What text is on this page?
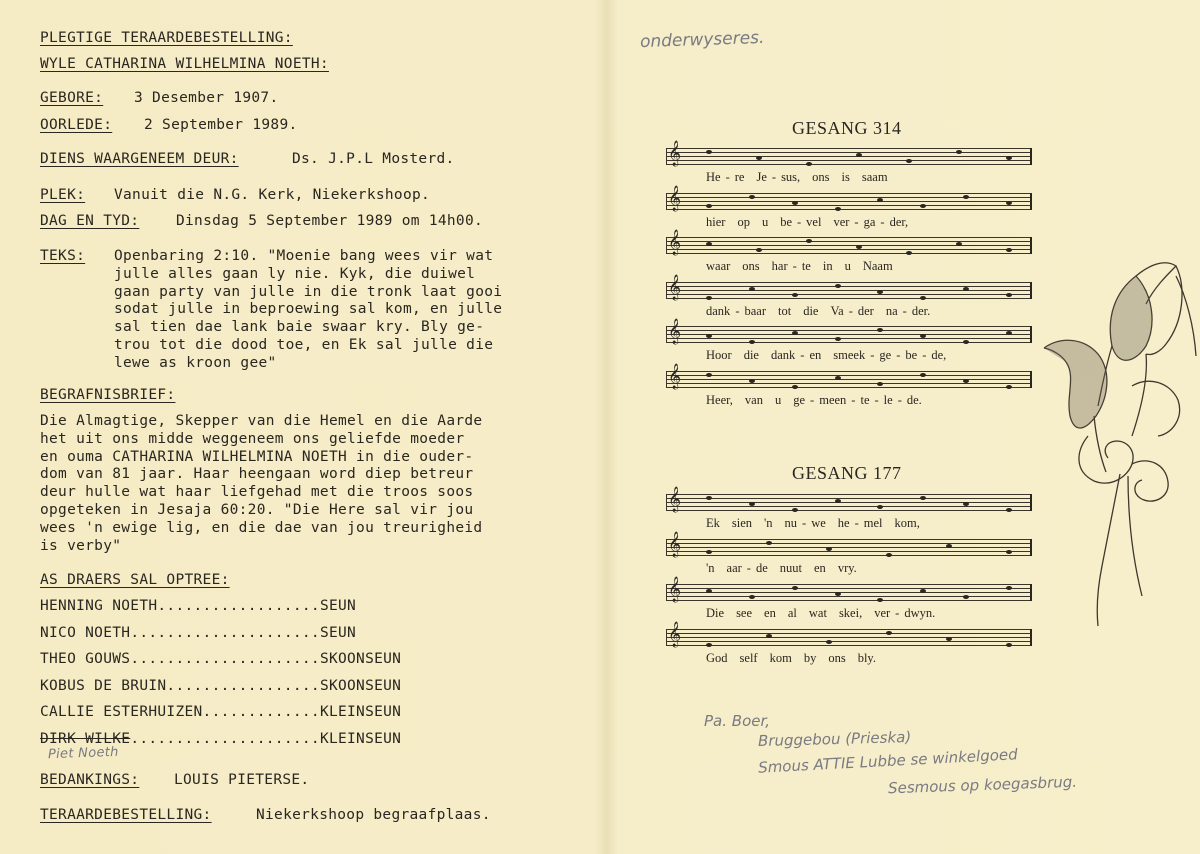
PLEGTIGE TERAARDEBESTELLING:
WYLE CATHARINA WILHELMINA NOETH:
GEBORE: 3 Desember 1907.
OORLEDE: 2 September 1989.
DIENS WAARGENEEM DEUR:	Ds. J.P.L Mosterd.
PLEK: Vanuit die N.G. Kerk, Niekerkshoop.
DAG EN TYD:	Dinsdag 5 September 1989 om 14h00.
TEKS: Openbaring 2:10. "Moenie bang wees vir wat
julle alles gaan ly nie. Kyk, die duiwel
gaan party van julle in die tronk laat gooi
sodat julle in beproewing sal kom, en julle
sal tien dae lank baie swaar kry. Bly ge-
trou tot die dood toe, en Ek sal julle die
lewe as kroon gee"
BEGRAFNISBRIEF:
Die Almagtige, Skepper van die Hemel en die Aarde
het uit ons midde weggeneem ons geliefde moeder
en ouma CATHARINA WILHELMINA NOETH in die ouder-
dom van 81 jaar. Haar heengaan word diep betreur
deur hulle wat haar liefgehad met die troos soos
opgeteken in Jesaja 60:20. "Die Here sal vir jou
wees 'n ewige lig, en die dae van jou treurigheid
is verby"
AS DRAERS SAL OPTREE:
HENNING NOETH..................SEUN
NICO NOETH.....................SEUN
THEO GOUWS.....................SKOONSEUN
KOBUS DE BRUIN.................SKOONSEUN
CALLIE ESTERHUIZEN.............KLEINSEUN
DIRK WILKE.....................KLEINSEUN
Piet Noeth
BEDANKINGS: LOUIS PIETERSE.
TERAARDEBESTELLING:	Niekerkshoop begraafplaas.
onderwyseres.
GESANG 314
𝄞
He - re Je - sus, ons is saam
𝄞
hier op u be - vel ver - ga - der,
𝄞
waar ons har - te in u Naam
𝄞
dank - baar tot die Va - der na - der.
𝄞
Hoor die dank - en smeek - ge - be - de,
𝄞
Heer, van u ge - meen - te - le - de.
GESANG 177
𝄞
Ek sien 'n nu - we he - mel kom,
𝄞
'n aar - de nuut en vry.
𝄞
Die see en al wat skei, ver - dwyn.
𝄞
God self kom by ons bly.
Pa. Boer,
Bruggebou (Prieska)
Smous ATTIE Lubbe se winkelgoed
Sesmous op koegasbrug.
